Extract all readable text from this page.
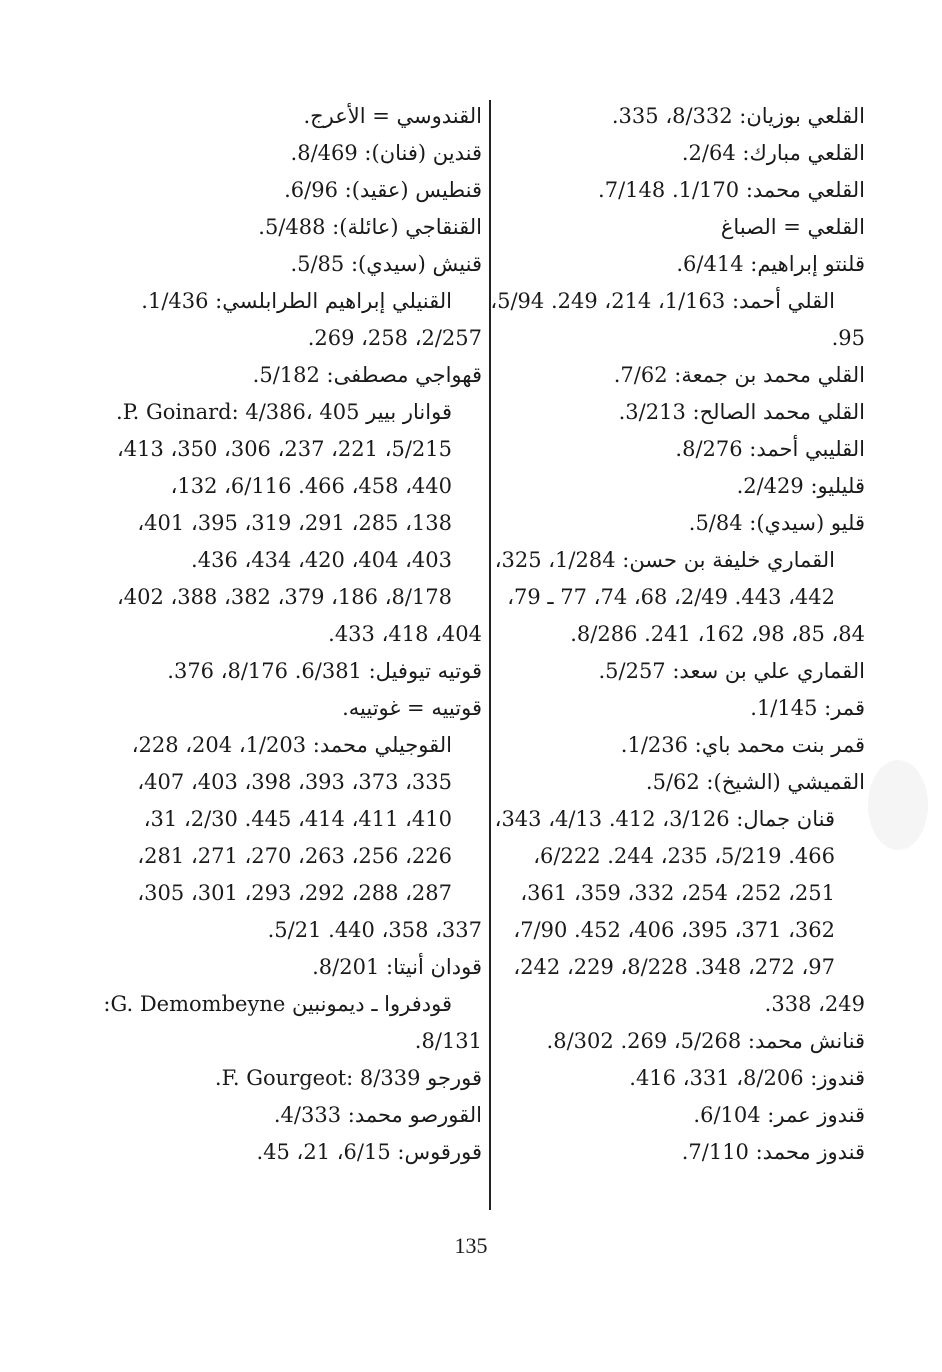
القلعي بوزيان: 8/332، 335.
القلعي مبارك: 2/64.
القلعي محمد: 1/170. 7/148.
القلعي = الصباغ
قلنتو إبراهيم: 6/414.
القلي أحمد: 1/163، 214، 249. 5/94،
95.
القلي محمد بن جمعة: 7/62.
القلي محمد الصالح: 3/213.
القليبي أحمد: 8/276.
قليليو: 2/429.
قليو (سيدي): 5/84.
القماري خليفة بن حسن: 1/284، 325،
442، 443. 2/49، 68، 74، 77 ـ 79،
84، 85، 98، 162، 241. 8/286.
القماري علي بن سعد: 5/257.
قمر: 1/145.
قمر بنت محمد باي: 1/236.
القميشي (الشيخ): 5/62.
قنان جمال: 3/126، 412. 4/13، 343،
466. 5/219، 235، 244. 6/222،
251، 252، 254، 332، 359، 361،
362، 371، 395، 406، 452. 7/90،
97، 272، 348. 8/228، 229، 242،
249، 338.
قنانش محمد: 5/268، 269. 8/302.
قندوز: 8/206، 331، 416.
قندوز عمر: 6/104.
قندوز محمد: 7/110.
القندوسي = الأعرج.
قندين (فنان): 8/469.
قنطيس (عقيد): 6/96.
القنقاجي (عائلة): 5/488.
قنيش (سيدي): 5/85.
القنيلي إبراهيم الطرابلسي: 1/436.
2/257، 258، 269.
قهواجي مصطفى: 5/182.
قوانار بيير P. Goinard: 4/386، 405.
5/215، 221، 237، 306، 350، 413،
440، 458، 466. 6/116، 132،
138، 285، 291، 319، 395، 401،
403، 404، 420، 434، 436.
8/178، 186، 379، 382، 388، 402،
404، 418، 433.
قوتيه تيوفيل: 6/381. 8/176، 376.
قوتييه = غوتييه.
القوجيلي محمد: 1/203، 204، 228،
335، 373، 393، 398، 403، 407،
410، 411، 414، 445. 2/30، 31،
226، 256، 263، 270، 271، 281،
287، 288، 292، 293، 301، 305،
337، 358، 440. 5/21.
قودان أنيتا: 8/201.
قودفروا ـ ديمونبين G. Demombeyne:
8/131.
قورجو F. Gourgeot: 8/339.
القورصو محمد: 4/333.
قورقوس: 6/15، 21، 45.
135
